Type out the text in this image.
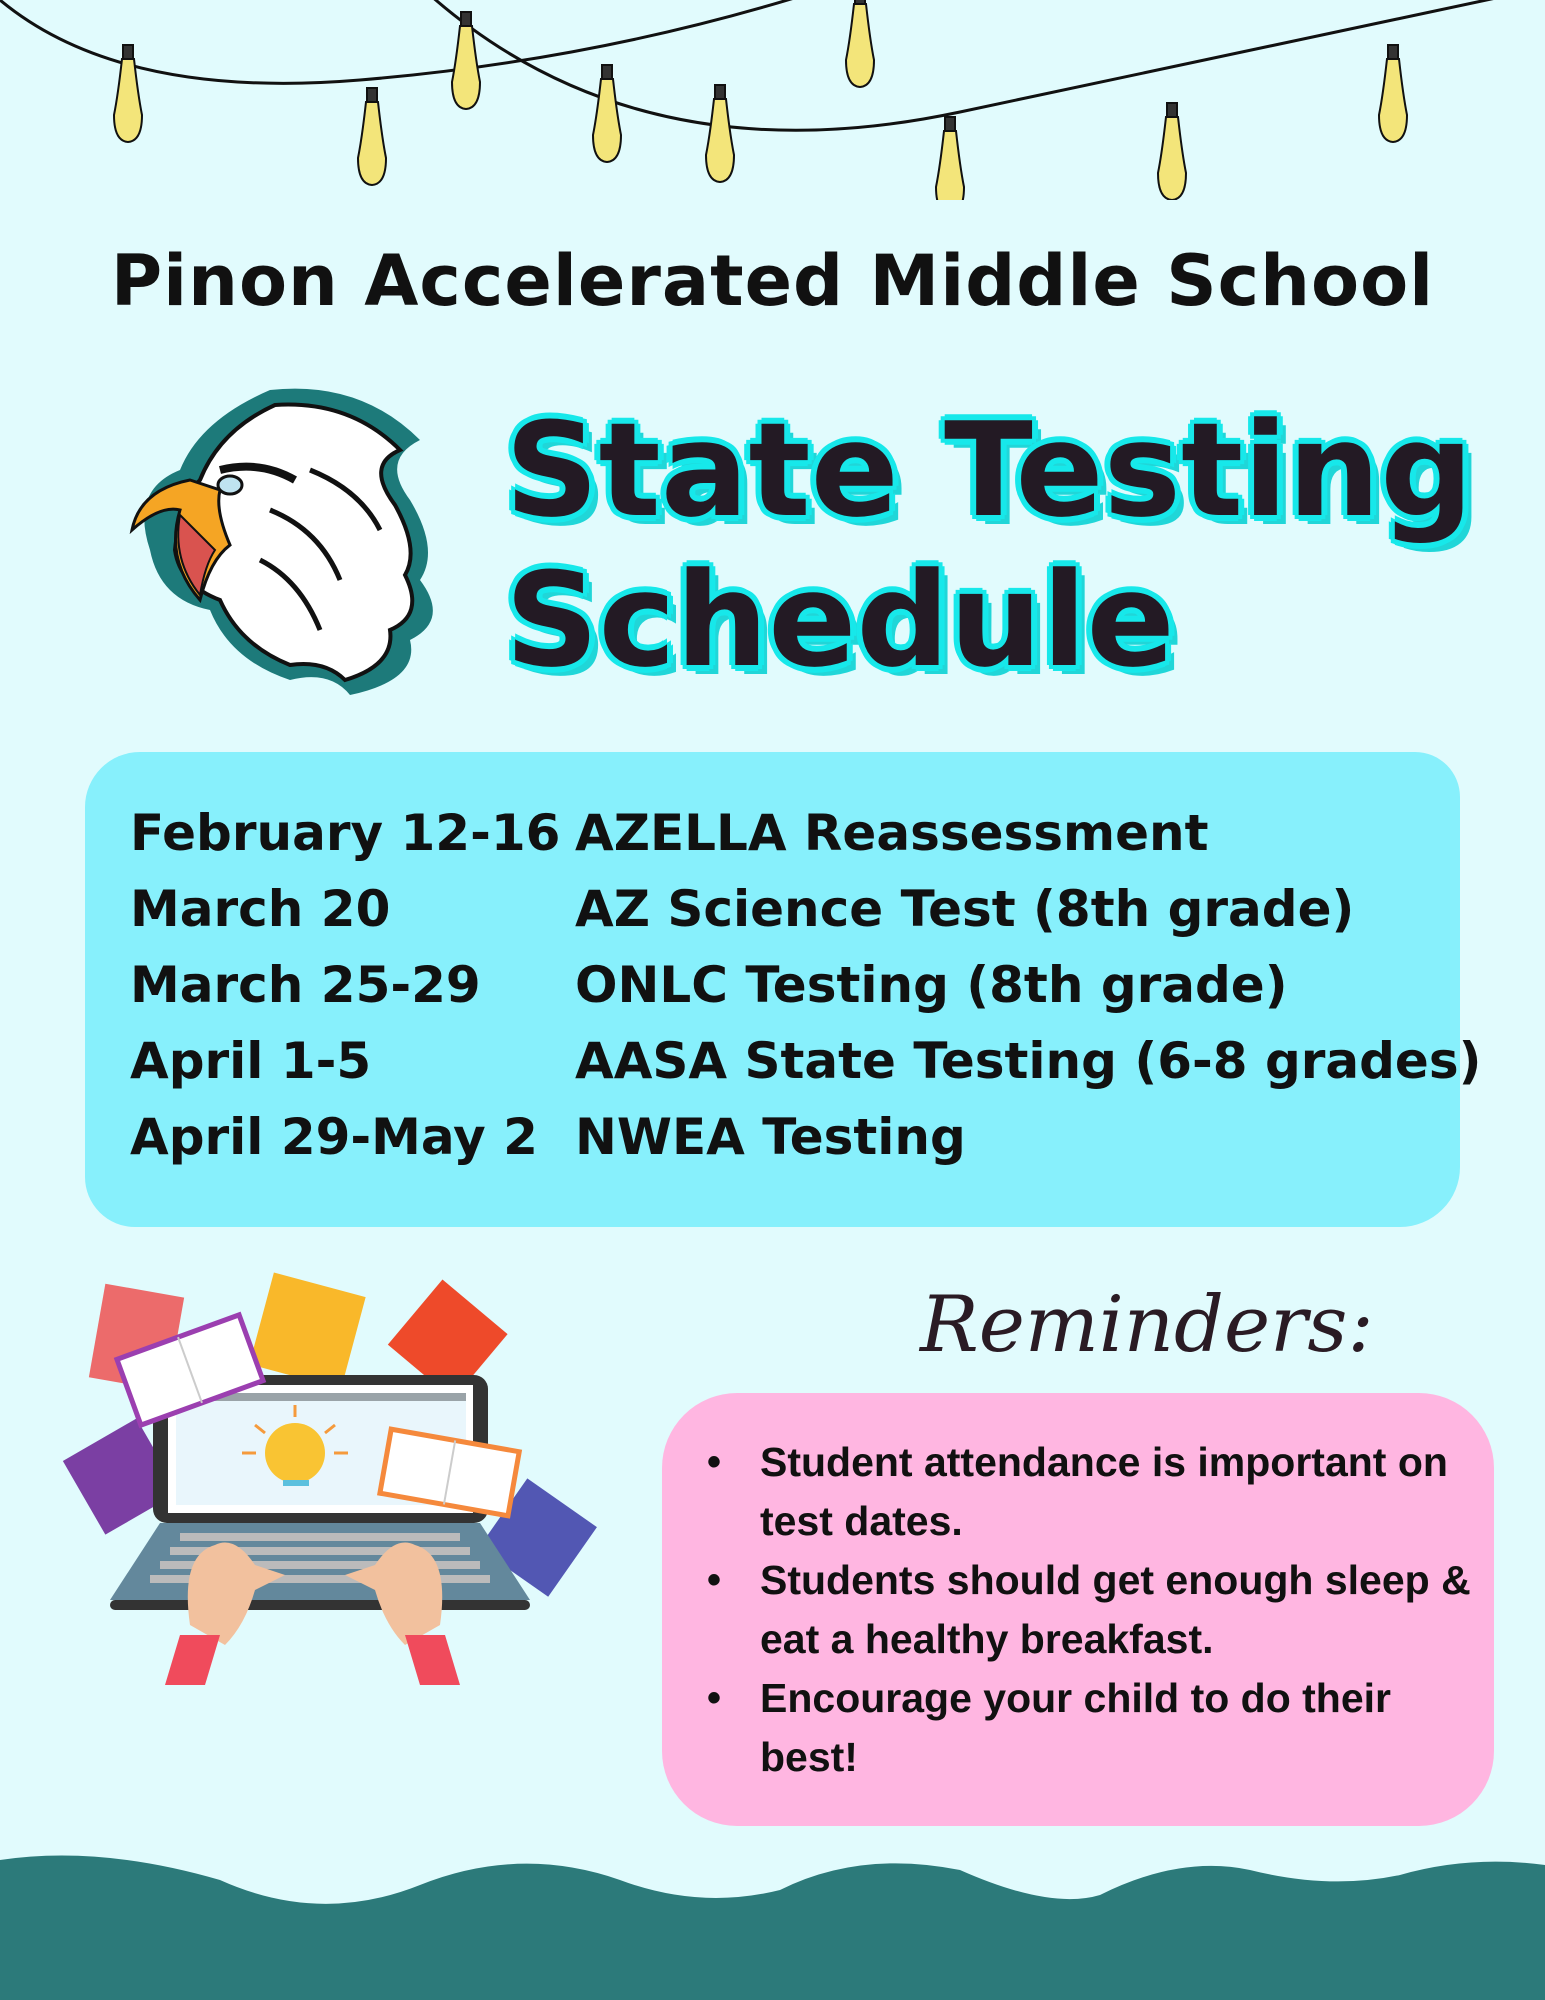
Pinon Accelerated Middle School
State Testing
Schedule
February 12-16 AZELLA Reassessment
March 20	AZ Science Test (8th grade)
March 25-29 ONLC Testing (8th grade)
April 1-5	AASA State Testing (6-8 grades)
April 29-May 2 NWEA Testing
Reminders:
• Student attendance is important on test dates.
• Students should get enough sleep & eat a healthy breakfast.
• Encourage your child to do their best!
